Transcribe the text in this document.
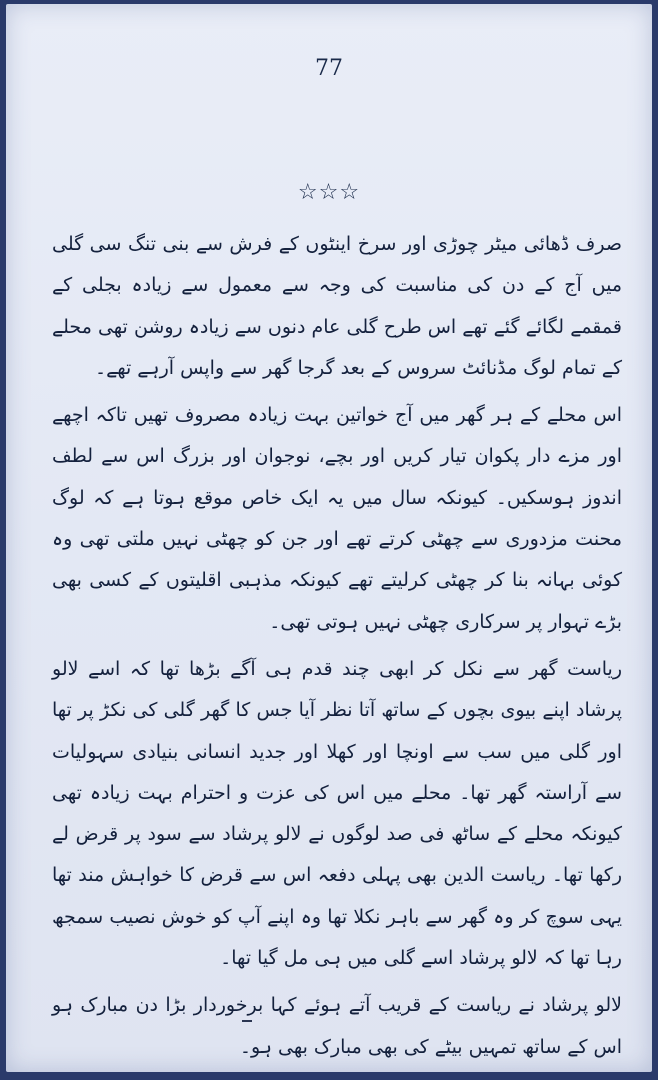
77
☆☆☆

صرف ڈھائی میٹر چوڑی اور سرخ اینٹوں کے فرش سے بنی تنگ سی گلی میں آج کے دن کی مناسبت کی وجہ سے معمول سے زیادہ بجلی کے قمقمے لگائے گئے تھے اس طرح گلی عام دنوں سے زیادہ روشن تھی محلے کے تمام لوگ مڈنائٹ سروس کے بعد گرجا گھر سے واپس آرہے تھے۔

اس محلے کے ہر گھر میں آج خواتین بہت زیادہ مصروف تھیں تاکہ اچھے اور مزے دار پکوان تیار کریں اور بچے، نوجوان اور بزرگ اس سے لطف اندوز ہوسکیں۔ کیونکہ سال میں یہ ایک خاص موقع ہوتا ہے کہ لوگ محنت مزدوری سے چھٹی کرتے تھے اور جن کو چھٹی نہیں ملتی تھی وہ کوئی بہانہ بنا کر چھٹی کرلیتے تھے کیونکہ مذہبی اقلیتوں کے کسی بھی بڑے تہوار پر سرکاری چھٹی نہیں ہوتی تھی۔

ریاست گھر سے نکل کر ابھی چند قدم ہی آگے بڑھا تھا کہ اسے لالو پرشاد اپنے بیوی بچوں کے ساتھ آتا نظر آیا جس کا گھر گلی کی نکڑ پر تھا اور گلی میں سب سے اونچا اور کھلا اور جدید انسانی بنیادی سہولیات سے آراستہ گھر تھا۔ محلے میں اس کی عزت و احترام بہت زیادہ تھی کیونکہ محلے کے ساٹھ فی صد لوگوں نے لالو پرشاد سے سود پر قرض لے رکھا تھا۔ ریاست الدین بھی پہلی دفعہ اس سے قرض کا خواہش مند تھا یہی سوچ کر وہ گھر سے باہر نکلا تھا وہ اپنے آپ کو خوش نصیب سمجھ رہا تھا کہ لالو پرشاد اسے گلی میں ہی مل گیا تھا۔

لالو پرشاد نے ریاست کے قریب آتے ہوئے کہا برخوردار بڑا دن مبارک ہو اس کے ساتھ تمہیں بیٹے کی بھی مبارک بھی ہو۔
